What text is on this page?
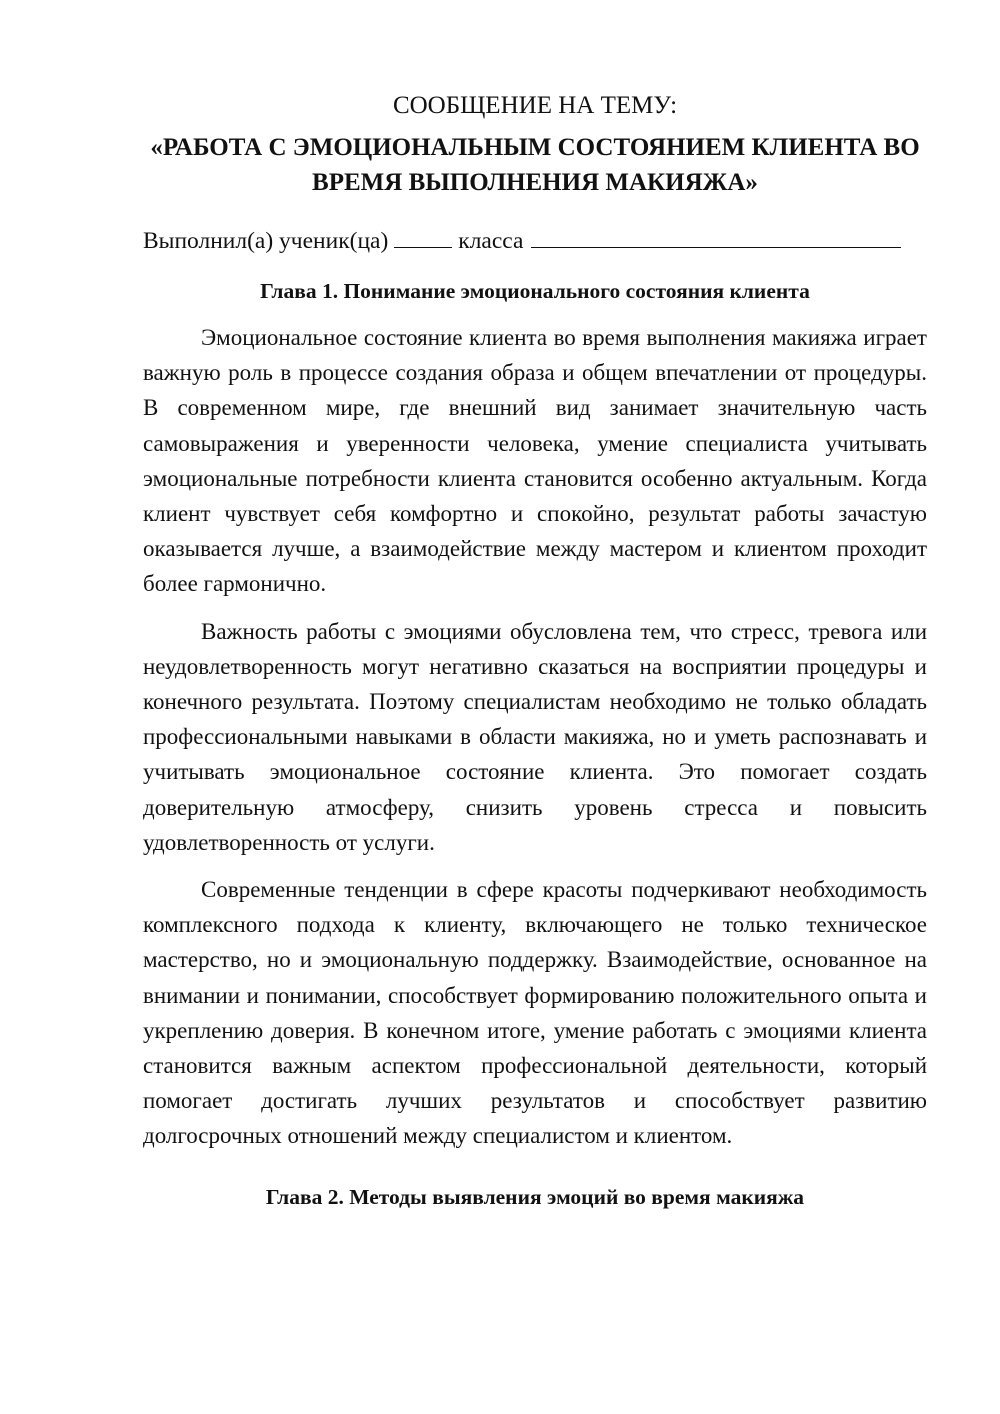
СООБЩЕНИЕ НА ТЕМУ:
«РАБОТА С ЭМОЦИОНАЛЬНЫМ СОСТОЯНИЕМ КЛИЕНТА ВО ВРЕМЯ ВЫПОЛНЕНИЯ МАКИЯЖА»
Выполнил(а) ученик(ца)	класса
Глава 1. Понимание эмоционального состояния клиента

Эмоциональное состояние клиента во время выполнения макияжа играет важную роль в процессе создания образа и общем впечатлении от процедуры. В современном мире, где внешний вид занимает значительную часть самовыражения и уверенности человека, умение специалиста учитывать эмоциональные потребности клиента становится особенно актуальным. Когда клиент чувствует себя комфортно и спокойно, результат работы зачастую оказывается лучше, а взаимодействие между мастером и клиентом проходит более гармонично.

Важность работы с эмоциями обусловлена тем, что стресс, тревога или неудовлетворенность могут негативно сказаться на восприятии процедуры и конечного результата. Поэтому специалистам необходимо не только обладать профессиональными навыками в области макияжа, но и уметь распознавать и учитывать эмоциональное состояние клиента. Это помогает создать доверительную атмосферу, снизить уровень стресса и повысить удовлетворенность от услуги.

Современные тенденции в сфере красоты подчеркивают необходимость комплексного подхода к клиенту, включающего не только техническое мастерство, но и эмоциональную поддержку. Взаимодействие, основанное на внимании и понимании, способствует формированию положительного опыта и укреплению доверия. В конечном итоге, умение работать с эмоциями клиента становится важным аспектом профессиональной деятельности, который помогает достигать лучших результатов и способствует развитию долгосрочных отношений между специалистом и клиентом.

Глава 2. Методы выявления эмоций во время макияжа
